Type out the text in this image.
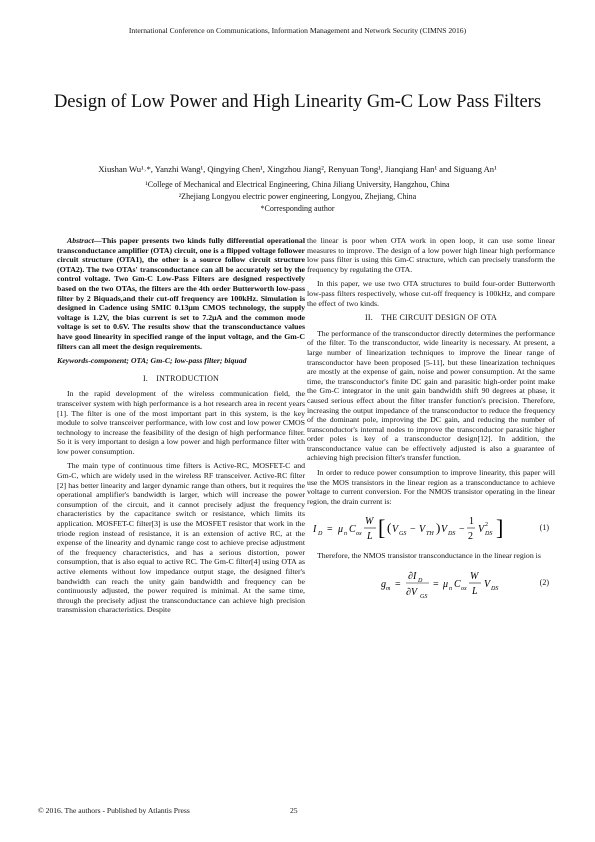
International Conference on Communications, Information Management and Network Security (CIMNS 2016)
Design of Low Power and High Linearity Gm-C Low Pass Filters
Xiushan Wu¹˒*, Yanzhi Wang¹, Qingying Chen¹, Xingzhou Jiang², Renyuan Tong¹, Jianqiang Han¹ and Siguang An¹
¹College of Mechanical and Electrical Engineering, China Jiliang University, Hangzhou, China
²Zhejiang Longyou electric power engineering, Longyou, Zhejiang, China
*Corresponding author

Abstract—This paper presents two kinds fully differential operational transconductance amplifier (OTA) circuit, one is a flipped voltage follower circuit structure (OTA1), the other is a source follow circuit structure (OTA2). The two OTAs' transconductance can all be accurately set by the control voltage. Two Gm-C Low-Pass Filters are designed respectively based on the two OTAs, the filters are the 4th order Butterworth low-pass filter by 2 Biquads,and their cut-off frequency are 100kHz. Simulation is designed in Cadence using SMIC 0.13μm CMOS technology, the supply voltage is 1.2V, the bias current is set to 7.2μA and the common mode voltage is set to 0.6V. The results show that the transconductance values have good linearity in specified range of the input voltage, and the Gm-C filters can all meet the design requirements.

Keywords-component; OTA; Gm-C; low-pass filter; biquad

I. INTRODUCTION

In the rapid development of the wireless communication field, the transceiver system with high performance is a hot research area in recent years [1]. The filter is one of the most important part in this system, is the key module to solve transceiver performance, with low cost and low power CMOS technology to increase the feasibility of the design of high performance filter. So it is very important to design a low power and high performance filter with low power consumption.

The main type of continuous time filters is Active-RC, MOSFET-C and Gm-C, which are widely used in the wireless RF transceiver. Active-RC filter [2] has better linearity and larger dynamic range than others, but it requires the operational amplifier's bandwidth is larger, which will increase the power consumption of the circuit, and it cannot precisely adjust the frequency characteristics by the capacitance switch or resistance, which limits its application. MOSFET-C filter[3] is use the MOSFET resistor that work in the triode region instead of resistance, it is an extension of active RC, at the expense of the linearity and dynamic range cost to achieve precise adjustment of the frequency characteristics, and has a serious distortion, power consumption, that is also equal to active RC. The Gm-C filter[4] using OTA as active elements without low impedance output stage, the designed filter's bandwidth can reach the unity gain bandwidth and frequency can be continuously adjusted, the power required is minimal. At the same time, through the precisely adjust the transconductance can achieve high precision transmission characteristics. Despite

the linear is poor when OTA work in open loop, it can use some linear measures to improve. The design of a low power high linear high performance low pass filter is using this Gm-C structure, which can precisely transform the frequency by regulating the OTA.

In this paper, we use two OTA structures to build four-order Butterworth low-pass filters respectively, whose cut-off frequency is 100kHz, and compare the effect of two kinds.

II. THE CIRCUIT DESIGN OF OTA

The performance of the transconductor directly determines the performance of the filter. To the transconductor, wide linearity is necessary. At present, a large number of linearization techniques to improve the linear range of transconductor have been proposed [5-11], but these linearization techniques are mostly at the expense of gain, noise and power consumption. At the same time, the transconductor's finite DC gain and parasitic high-order point make the Gm-C integrator in the unit gain bandwidth shift 90 degrees at phase, it caused serious effect about the filter transfer function's precision. Therefore, increasing the output impedance of the transconductor to reduce the frequency of the dominant pole, improving the DC gain, and reducing the number of transconductor's internal nodes to improve the transconductor parasitic higher order poles is key of a transconductor design[12]. In addition, the transconductance value can be effectively adjusted is also a guarantee of achieving high precision filter's transfer function.

In order to reduce power consumption to improve linearity, this paper will use the MOS transistors in the linear region as a transconductance to achieve voltage to current conversion. For the NMOS transistor operating in the linear region, the drain current is:

I D = μ n C ox
W
L [ ( V GS − V TH ) V DS −
1
2
V 2
DS ]	(1)

Therefore, the NMOS transistor transconductance in the linear region is

g m =
∂I D
∂V GS
= μ n C ox
W
L
V DS
(2)
© 2016. The authors - Published by Atlantis Press	25
